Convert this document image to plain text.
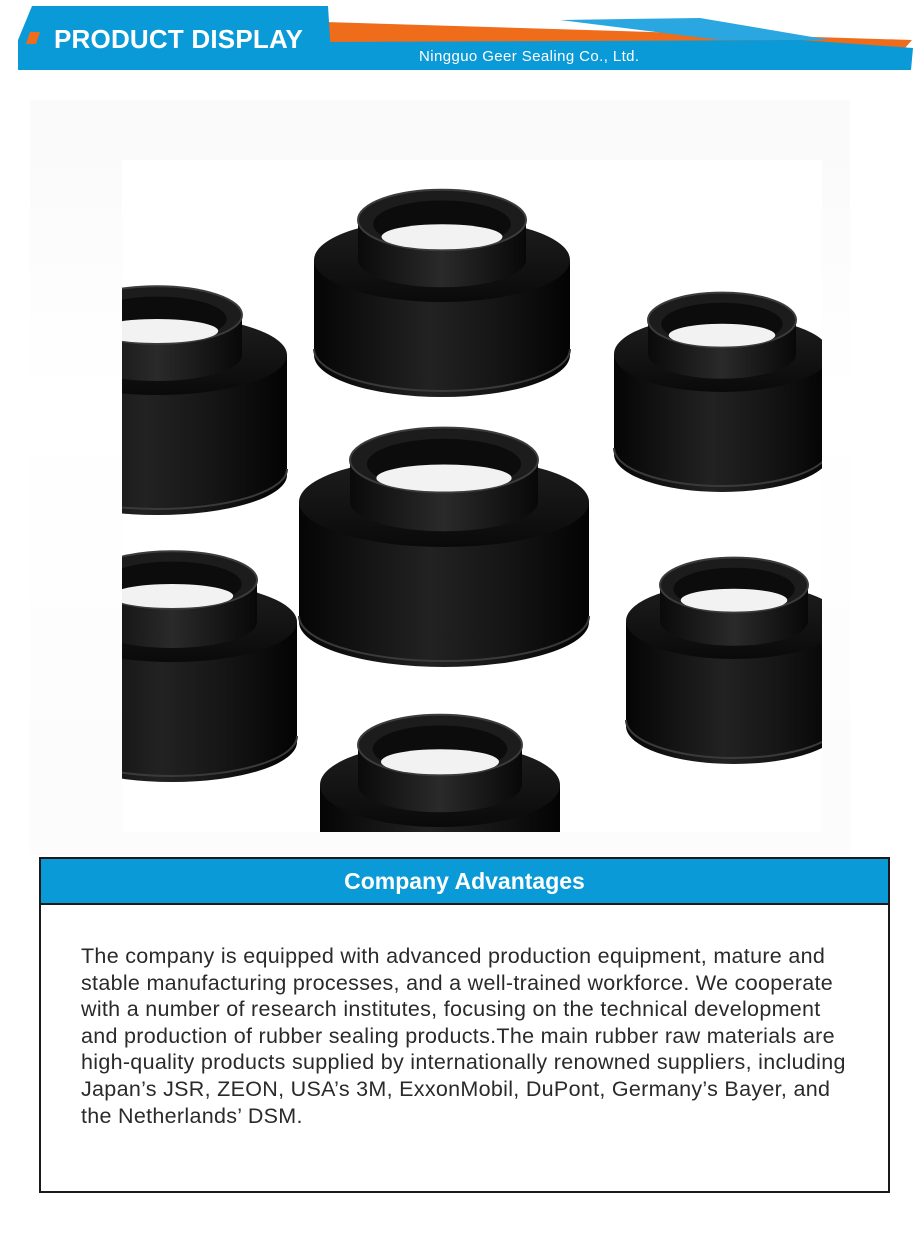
PRODUCT DISPLAY
Ningguo Geer Sealing Co., Ltd.
Company Advantages

The company is equipped with advanced production equipment, mature and stable manufacturing processes, and a well-trained workforce. We cooperate with a number of research institutes, focusing on the technical development and production of rubber sealing products.The main rubber raw materials are high-quality products supplied by internationally renowned suppliers, including Japan’s JSR, ZEON, USA’s 3M, ExxonMobil, DuPont, Germany’s Bayer, and the Netherlands’ DSM.
